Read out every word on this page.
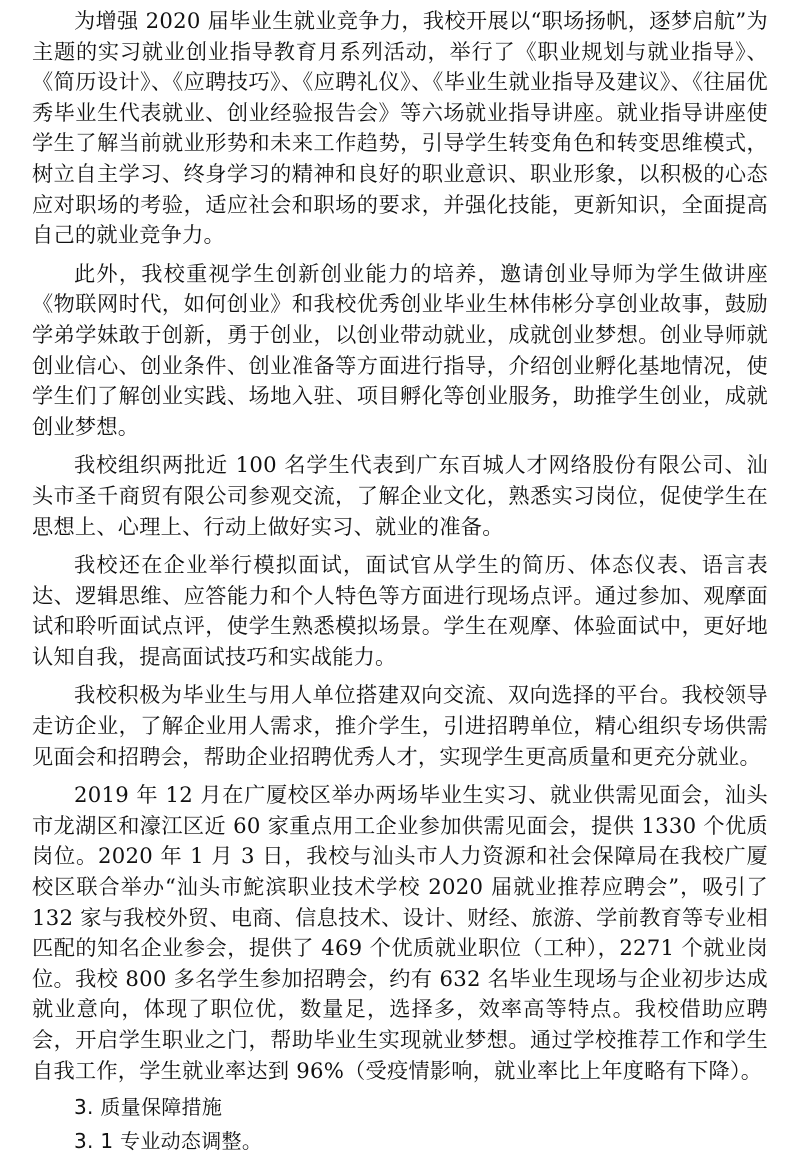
为增强 2020 届毕业生就业竞争力，我校开展以“职场扬帆，逐梦启航”为主题的实习就业创业指导教育月系列活动，举行了《职业规划与就业指导》、《简历设计》、《应聘技巧》、《应聘礼仪》、《毕业生就业指导及建议》、《往届优秀毕业生代表就业、创业经验报告会》等六场就业指导讲座。就业指导讲座使学生了解当前就业形势和未来工作趋势，引导学生转变角色和转变思维模式，树立自主学习、终身学习的精神和良好的职业意识、职业形象，以积极的心态应对职场的考验，适应社会和职场的要求，并强化技能，更新知识，全面提高自己的就业竞争力。

此外，我校重视学生创新创业能力的培养，邀请创业导师为学生做讲座《物联网时代，如何创业》和我校优秀创业毕业生林伟彬分享创业故事，鼓励学弟学妹敢于创新，勇于创业，以创业带动就业，成就创业梦想。创业导师就创业信心、创业条件、创业准备等方面进行指导，介绍创业孵化基地情况，使学生们了解创业实践、场地入驻、项目孵化等创业服务，助推学生创业，成就创业梦想。

我校组织两批近 100 名学生代表到广东百城人才网络股份有限公司、汕头市圣千商贸有限公司参观交流，了解企业文化，熟悉实习岗位，促使学生在思想上、心理上、行动上做好实习、就业的准备。

我校还在企业举行模拟面试，面试官从学生的简历、体态仪表、语言表达、逻辑思维、应答能力和个人特色等方面进行现场点评。通过参加、观摩面试和聆听面试点评，使学生熟悉模拟场景。学生在观摩、体验面试中，更好地认知自我，提高面试技巧和实战能力。

我校积极为毕业生与用人单位搭建双向交流、双向选择的平台。我校领导走访企业，了解企业用人需求，推介学生，引进招聘单位，精心组织专场供需见面会和招聘会，帮助企业招聘优秀人才，实现学生更高质量和更充分就业。

2019 年 12 月在广厦校区举办两场毕业生实习、就业供需见面会，汕头市龙湖区和濠江区近 60 家重点用工企业参加供需见面会，提供 1330 个优质岗位。2020 年 1 月 3 日，我校与汕头市人力资源和社会保障局在我校广厦校区联合举办“汕头市鮀滨职业技术学校 2020 届就业推荐应聘会”，吸引了 132 家与我校外贸、电商、信息技术、设计、财经、旅游、学前教育等专业相匹配的知名企业参会，提供了 469 个优质就业职位（工种），2271 个就业岗位。我校 800 多名学生参加招聘会，约有 632 名毕业生现场与企业初步达成就业意向，体现了职位优，数量足，选择多，效率高等特点。我校借助应聘会，开启学生职业之门，帮助毕业生实现就业梦想。通过学校推荐工作和学生自我工作，学生就业率达到 96%（受疫情影响，就业率比上年度略有下降）。

3. 质量保障措施
3. 1 专业动态调整。
